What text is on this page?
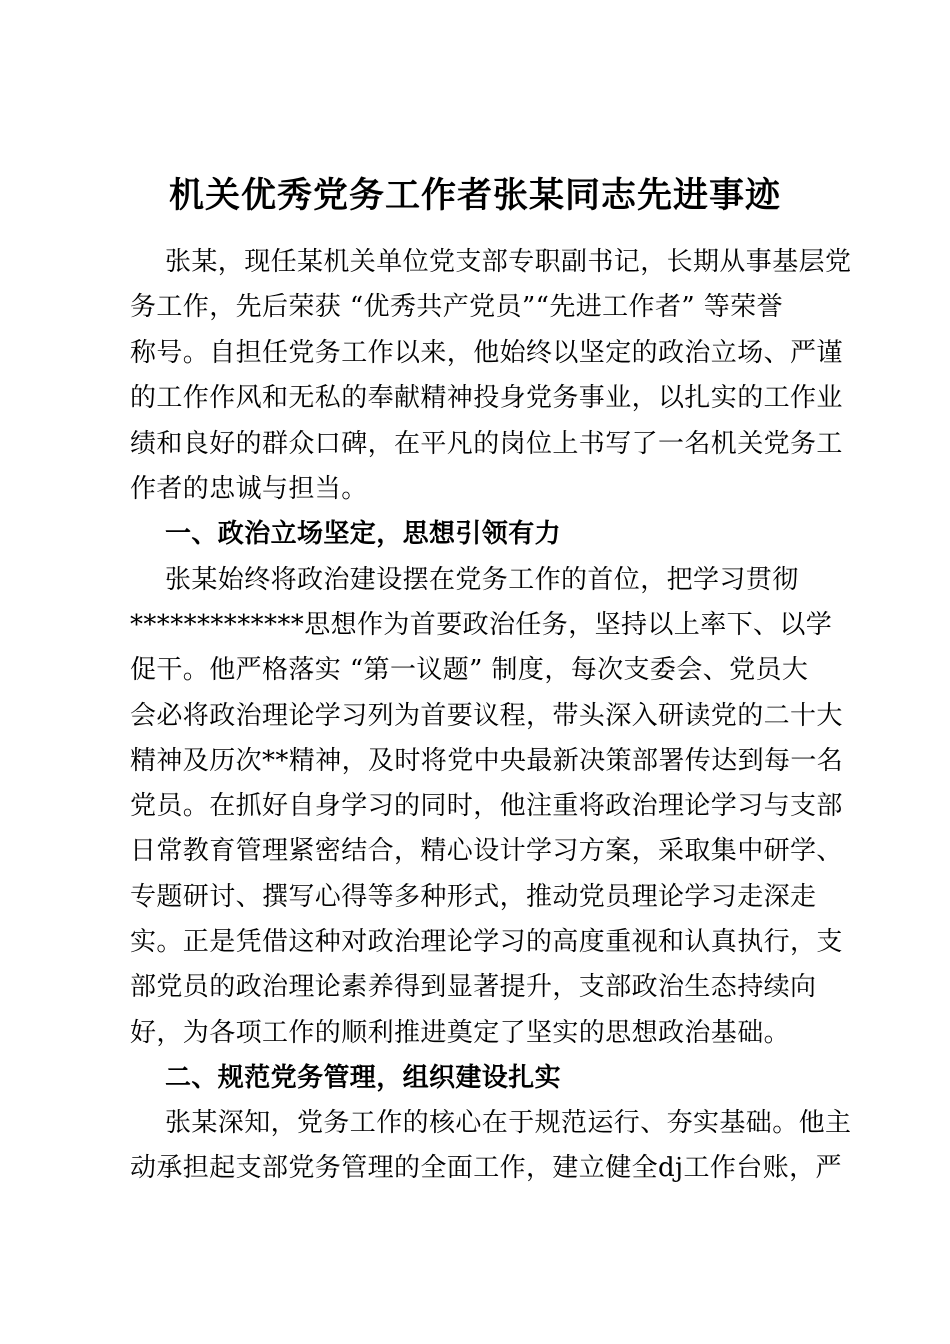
机关优秀党务工作者张某同志先进事迹
张某，现任某机关单位党支部专职副书记，长期从事基层党
务工作，先后荣获 “优秀共产党员”“先进工作者” 等荣誉
称号。自担任党务工作以来，他始终以坚定的政治立场、严谨
的工作作风和无私的奉献精神投身党务事业，以扎实的工作业
绩和良好的群众口碑，在平凡的岗位上书写了一名机关党务工
作者的忠诚与担当。
一、政治立场坚定，思想引领有力
张某始终将政治建设摆在党务工作的首位，把学习贯彻
*************思想作为首要政治任务，坚持以上率下、以学
促干。他严格落实 “第一议题” 制度，每次支委会、党员大
会必将政治理论学习列为首要议程，带头深入研读党的二十大
精神及历次**精神，及时将党中央最新决策部署传达到每一名
党员。在抓好自身学习的同时，他注重将政治理论学习与支部
日常教育管理紧密结合，精心设计学习方案，采取集中研学、
专题研讨、撰写心得等多种形式，推动党员理论学习走深走
实。正是凭借这种对政治理论学习的高度重视和认真执行，支
部党员的政治理论素养得到显著提升，支部政治生态持续向
好，为各项工作的顺利推进奠定了坚实的思想政治基础。
二、规范党务管理，组织建设扎实
张某深知，党务工作的核心在于规范运行、夯实基础。他主
动承担起支部党务管理的全面工作，建立健全dj工作台账，严
